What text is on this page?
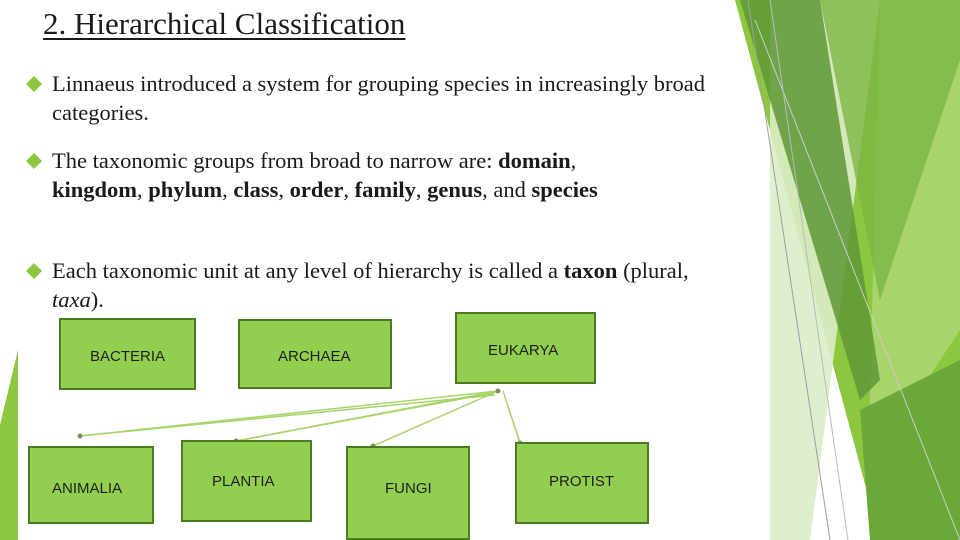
2. Hierarchical Classification
Linnaeus introduced a system for grouping species in increasingly broad categories.
The taxonomic groups from broad to narrow are: domain, kingdom, phylum, class, order, family, genus, and species
Each taxonomic unit at any level of hierarchy is called a taxon (plural, taxa).
BACTERIA	ARCHAEA	EUKARYA
ANIMALIA	PLANTIA	FUNGI	PROTIST
